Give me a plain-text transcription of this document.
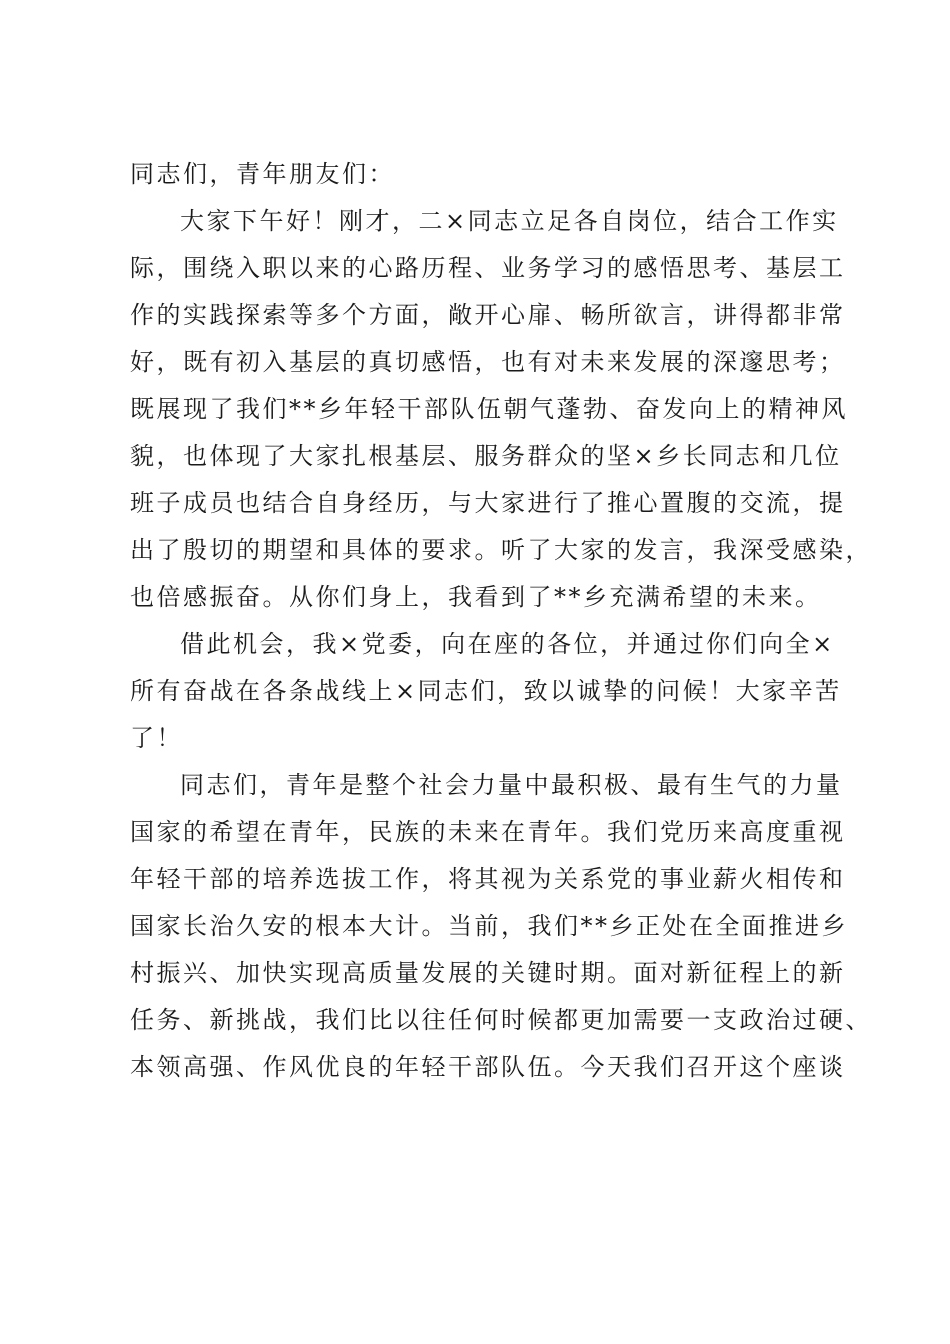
同志们，青年朋友们：
大家下午好！刚才，二×同志立足各自岗位，结合工作实
际，围绕入职以来的心路历程、业务学习的感悟思考、基层工
作的实践探索等多个方面，敞开心扉、畅所欲言，讲得都非常
好，既有初入基层的真切感悟，也有对未来发展的深邃思考；
既展现了我们**乡年轻干部队伍朝气蓬勃、奋发向上的精神风
貌，也体现了大家扎根基层、服务群众的坚×乡长同志和几位
班子成员也结合自身经历，与大家进行了推心置腹的交流，提
出了殷切的期望和具体的要求。听了大家的发言，我深受感染，
也倍感振奋。从你们身上，我看到了**乡充满希望的未来。
借此机会，我×党委，向在座的各位，并通过你们向全×
所有奋战在各条战线上×同志们，致以诚挚的问候！大家辛苦
了！
同志们，青年是整个社会力量中最积极、最有生气的力量
国家的希望在青年，民族的未来在青年。我们党历来高度重视
年轻干部的培养选拔工作，将其视为关系党的事业薪火相传和
国家长治久安的根本大计。当前，我们**乡正处在全面推进乡
村振兴、加快实现高质量发展的关键时期。面对新征程上的新
任务、新挑战，我们比以往任何时候都更加需要一支政治过硬、
本领高强、作风优良的年轻干部队伍。今天我们召开这个座谈
